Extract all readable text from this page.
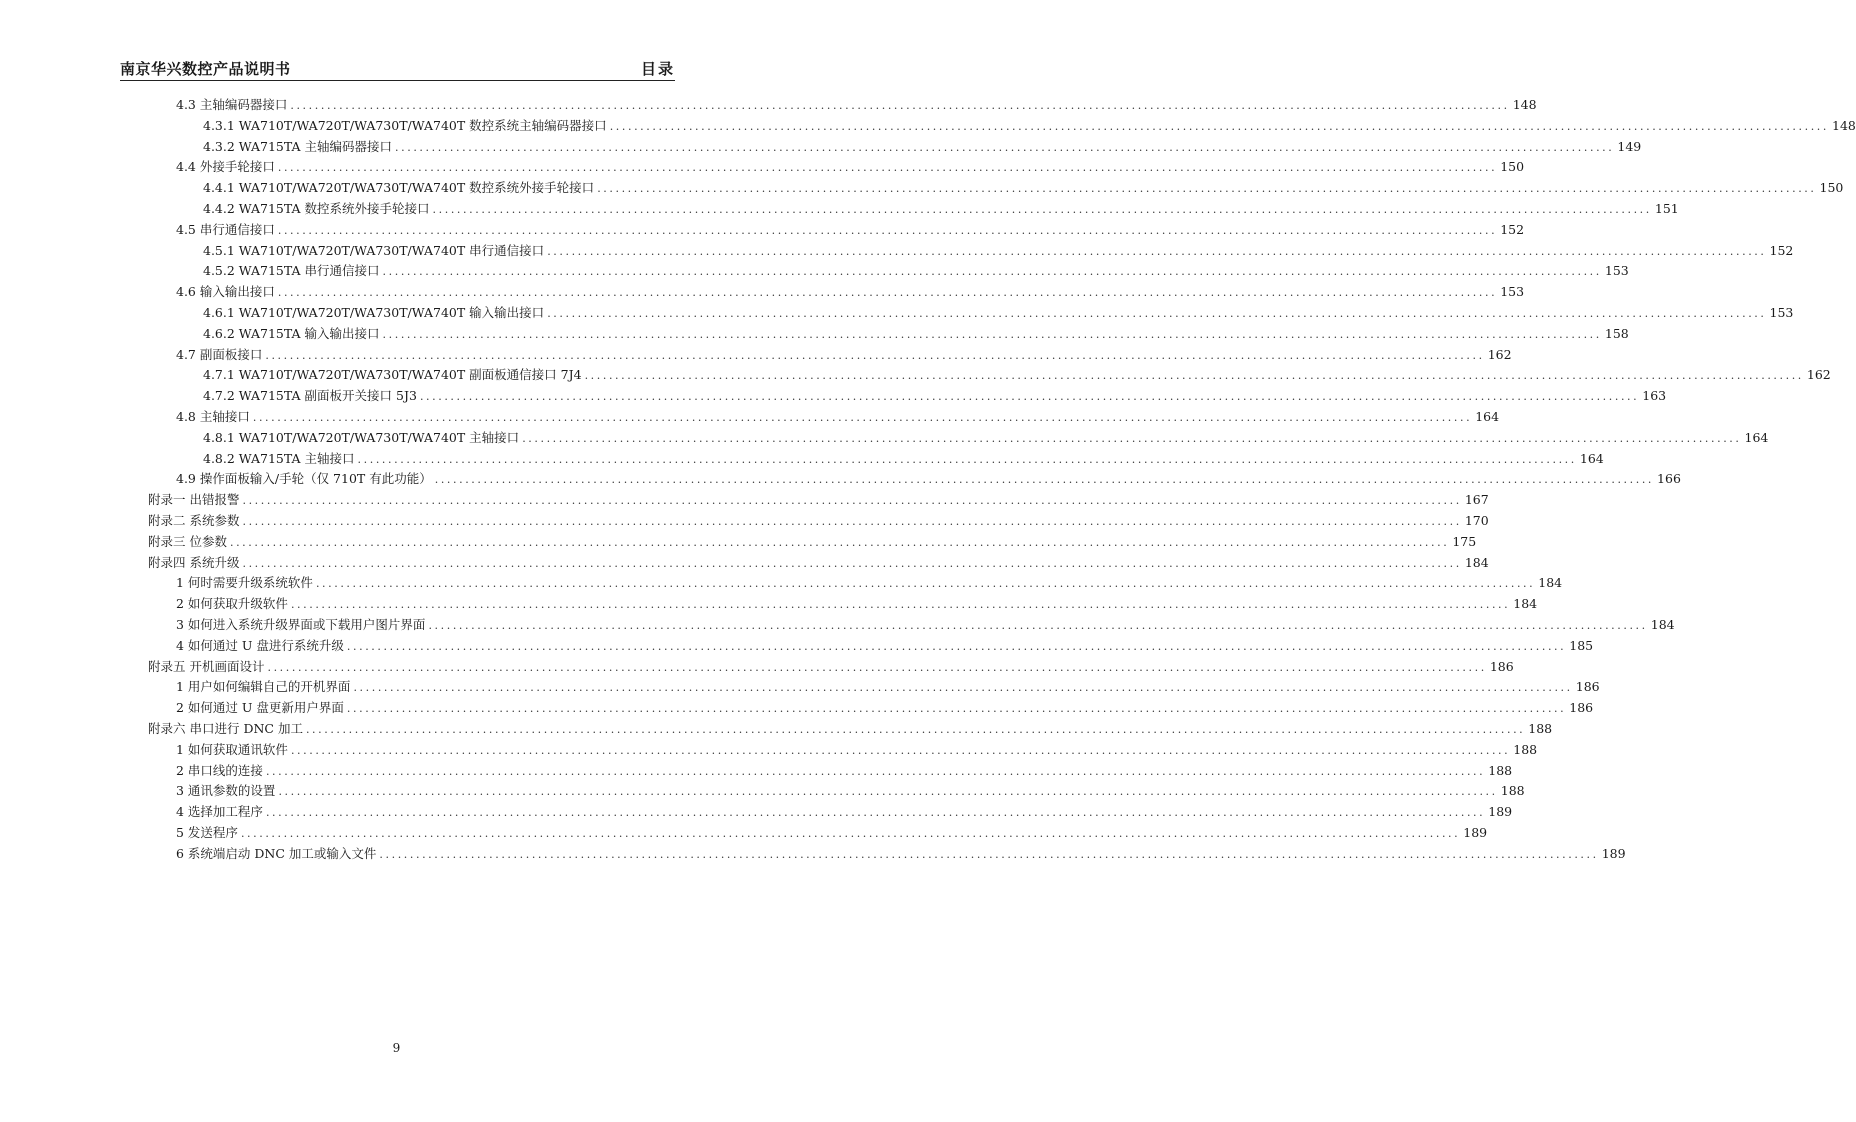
南京华兴数控产品说明书	目录
4.3 主轴编码器接口 ........................................................................................................................................................................................................ 148
4.3.1 WA710T/WA720T/WA730T/WA740T 数控系统主轴编码器接口 ........................................................................................................................................................................................................ 148
4.3.2 WA715TA 主轴编码器接口 ........................................................................................................................................................................................................ 149
4.4 外接手轮接口 ........................................................................................................................................................................................................ 150
4.4.1 WA710T/WA720T/WA730T/WA740T 数控系统外接手轮接口 ........................................................................................................................................................................................................ 150
4.4.2 WA715TA 数控系统外接手轮接口 ........................................................................................................................................................................................................ 151
4.5 串行通信接口 ........................................................................................................................................................................................................ 152
4.5.1 WA710T/WA720T/WA730T/WA740T 串行通信接口 ........................................................................................................................................................................................................ 152
4.5.2 WA715TA 串行通信接口 ........................................................................................................................................................................................................ 153
4.6 输入输出接口 ........................................................................................................................................................................................................ 153
4.6.1 WA710T/WA720T/WA730T/WA740T 输入输出接口 ........................................................................................................................................................................................................ 153
4.6.2 WA715TA 输入输出接口 ........................................................................................................................................................................................................ 158
4.7 副面板接口 ........................................................................................................................................................................................................ 162
4.7.1 WA710T/WA720T/WA730T/WA740T 副面板通信接口 7J4 ........................................................................................................................................................................................................ 162
4.7.2 WA715TA 副面板开关接口 5J3 ........................................................................................................................................................................................................ 163
4.8 主轴接口 ........................................................................................................................................................................................................ 164
4.8.1 WA710T/WA720T/WA730T/WA740T 主轴接口 ........................................................................................................................................................................................................ 164
4.8.2 WA715TA 主轴接口 ........................................................................................................................................................................................................ 164
4.9 操作面板输入/手轮（仅 710T 有此功能） ........................................................................................................................................................................................................ 166
附录一 出错报警 ........................................................................................................................................................................................................ 167
附录二 系统参数 ........................................................................................................................................................................................................ 170
附录三 位参数 ........................................................................................................................................................................................................ 175
附录四 系统升级 ........................................................................................................................................................................................................ 184
1 何时需要升级系统软件 ........................................................................................................................................................................................................ 184
2 如何获取升级软件 ........................................................................................................................................................................................................ 184
3 如何进入系统升级界面或下载用户图片界面 ........................................................................................................................................................................................................ 184
4 如何通过 U 盘进行系统升级 ........................................................................................................................................................................................................ 185
附录五 开机画面设计 ........................................................................................................................................................................................................ 186
1 用户如何编辑自己的开机界面 ........................................................................................................................................................................................................ 186
2 如何通过 U 盘更新用户界面 ........................................................................................................................................................................................................ 186
附录六 串口进行 DNC 加工 ........................................................................................................................................................................................................ 188
1 如何获取通讯软件 ........................................................................................................................................................................................................ 188
2 串口线的连接 ........................................................................................................................................................................................................ 188
3 通讯参数的设置 ........................................................................................................................................................................................................ 188
4 选择加工程序 ........................................................................................................................................................................................................ 189
5 发送程序 ........................................................................................................................................................................................................ 189
6 系统端启动 DNC 加工或输入文件 ........................................................................................................................................................................................................ 189
9
